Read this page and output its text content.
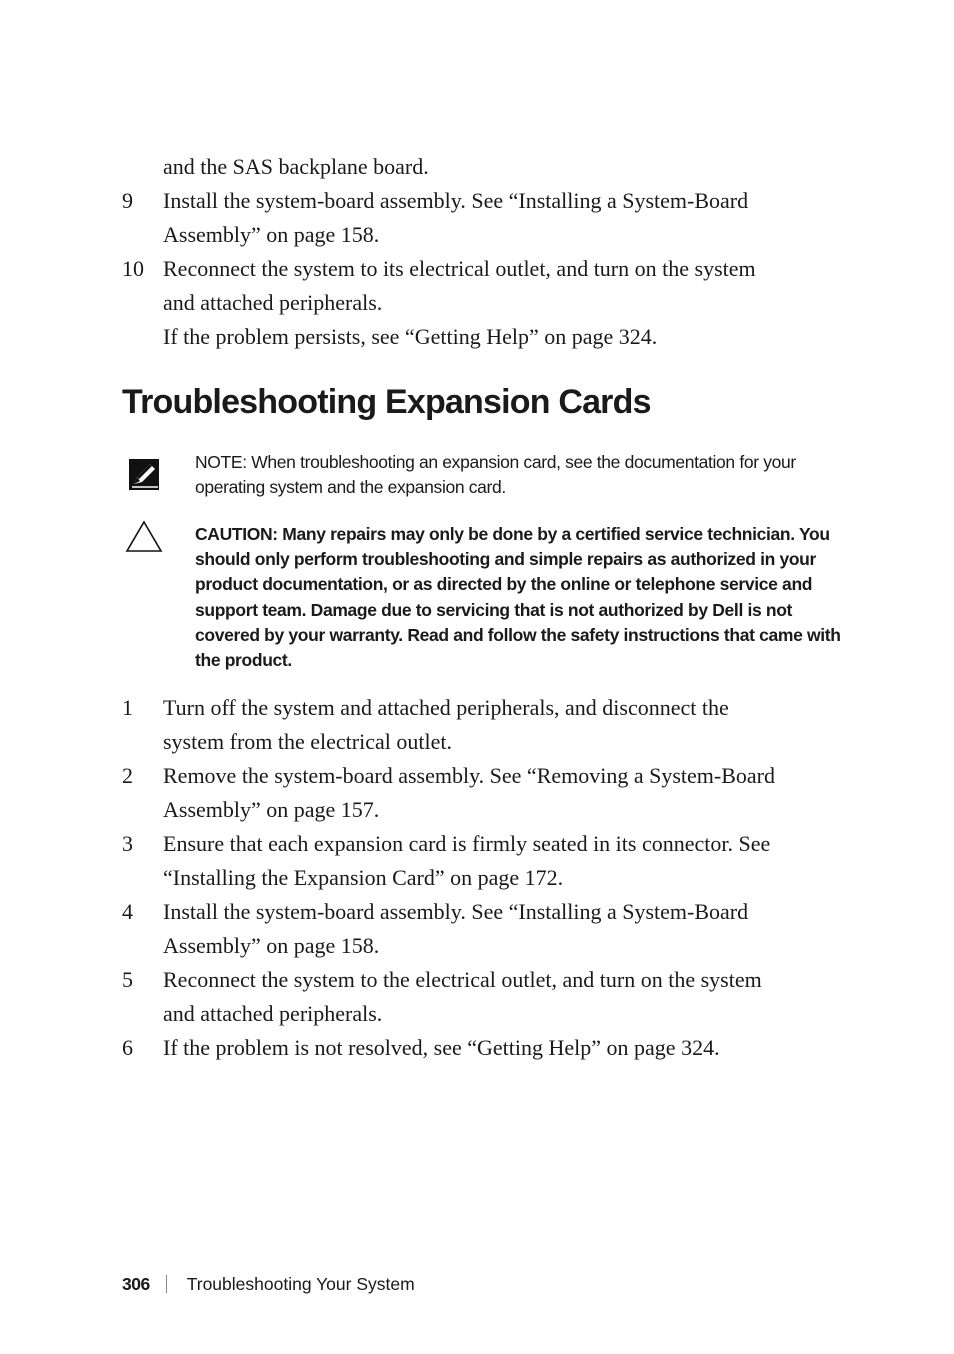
and the SAS backplane board.
9 Install the system-board assembly. See “Installing a System-Board
Assembly” on page 158.
10 Reconnect the system to its electrical outlet, and turn on the system
and attached peripherals.
If the problem persists, see “Getting Help” on page 324.
Troubleshooting Expansion Cards
NOTE: When troubleshooting an expansion card, see the documentation for your
operating system and the expansion card.
CAUTION: Many repairs may only be done by a certified service technician. You
should only perform troubleshooting and simple repairs as authorized in your
product documentation, or as directed by the online or telephone service and
support team. Damage due to servicing that is not authorized by Dell is not
covered by your warranty. Read and follow the safety instructions that came with
the product.
1 Turn off the system and attached peripherals, and disconnect the
system from the electrical outlet.
2 Remove the system-board assembly. See “Removing a System-Board
Assembly” on page 157.
3 Ensure that each expansion card is firmly seated in its connector. See
“Installing the Expansion Card” on page 172.
4 Install the system-board assembly. See “Installing a System-Board
Assembly” on page 158.
5 Reconnect the system to the electrical outlet, and turn on the system
and attached peripherals.
6 If the problem is not resolved, see “Getting Help” on page 324.
306 Troubleshooting Your System
